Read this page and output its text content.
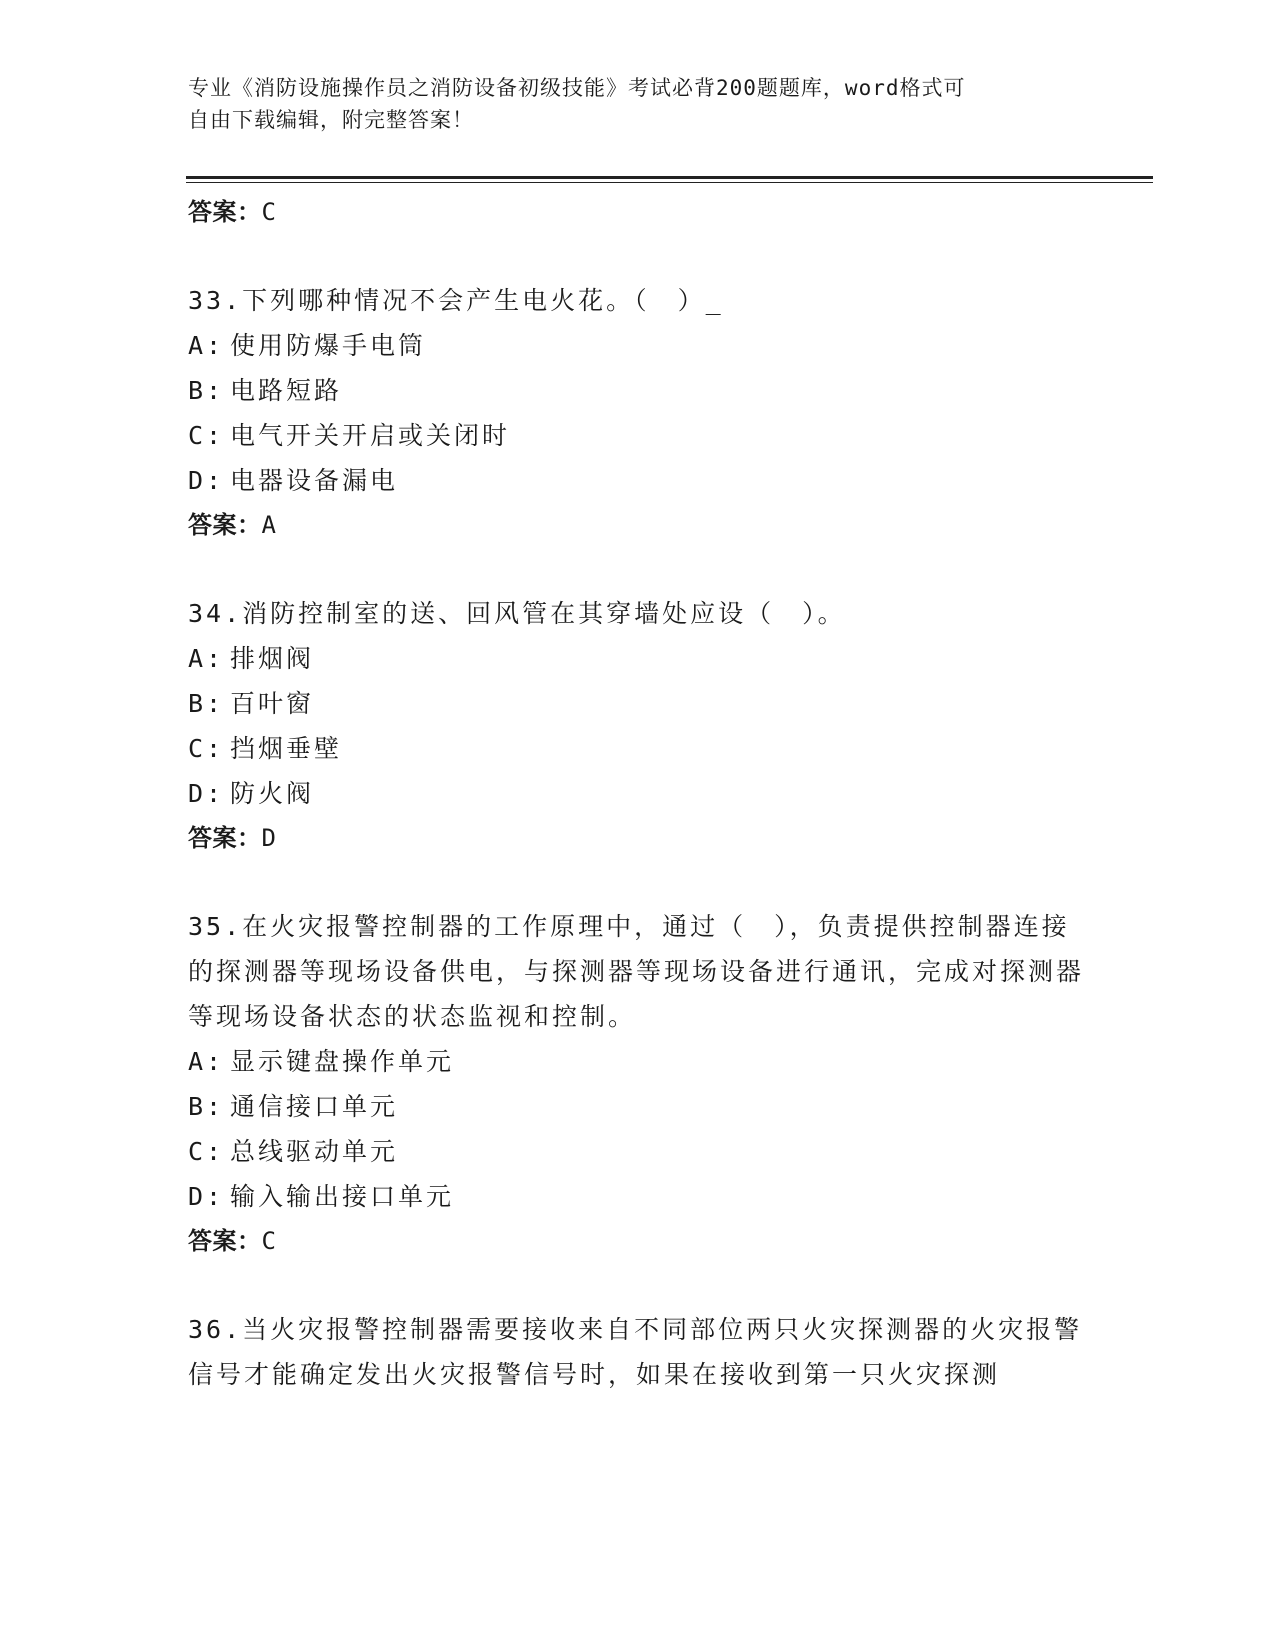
专业《消防设施操作员之消防设备初级技能》考试必背200题题库，word格式可
自由下载编辑，附完整答案！
答案：C
33.下列哪种情况不会产生电火花。（　）_
A: 使用防爆手电筒
B: 电路短路
C: 电气开关开启或关闭时
D: 电器设备漏电
答案：A
34.消防控制室的送、回风管在其穿墙处应设（　）。
A: 排烟阀
B: 百叶窗
C: 挡烟垂壁
D: 防火阀
答案：D
35.在火灾报警控制器的工作原理中，通过（　），负责提供控制器连接的探测器等现场设备供电，与探测器等现场设备进行通讯，完成对探测器等现场设备状态的状态监视和控制。
A: 显示键盘操作单元
B: 通信接口单元
C: 总线驱动单元
D: 输入输出接口单元
答案：C
36.当火灾报警控制器需要接收来自不同部位两只火灾探测器的火灾报警信号才能确定发出火灾报警信号时，如果在接收到第一只火灾探测
